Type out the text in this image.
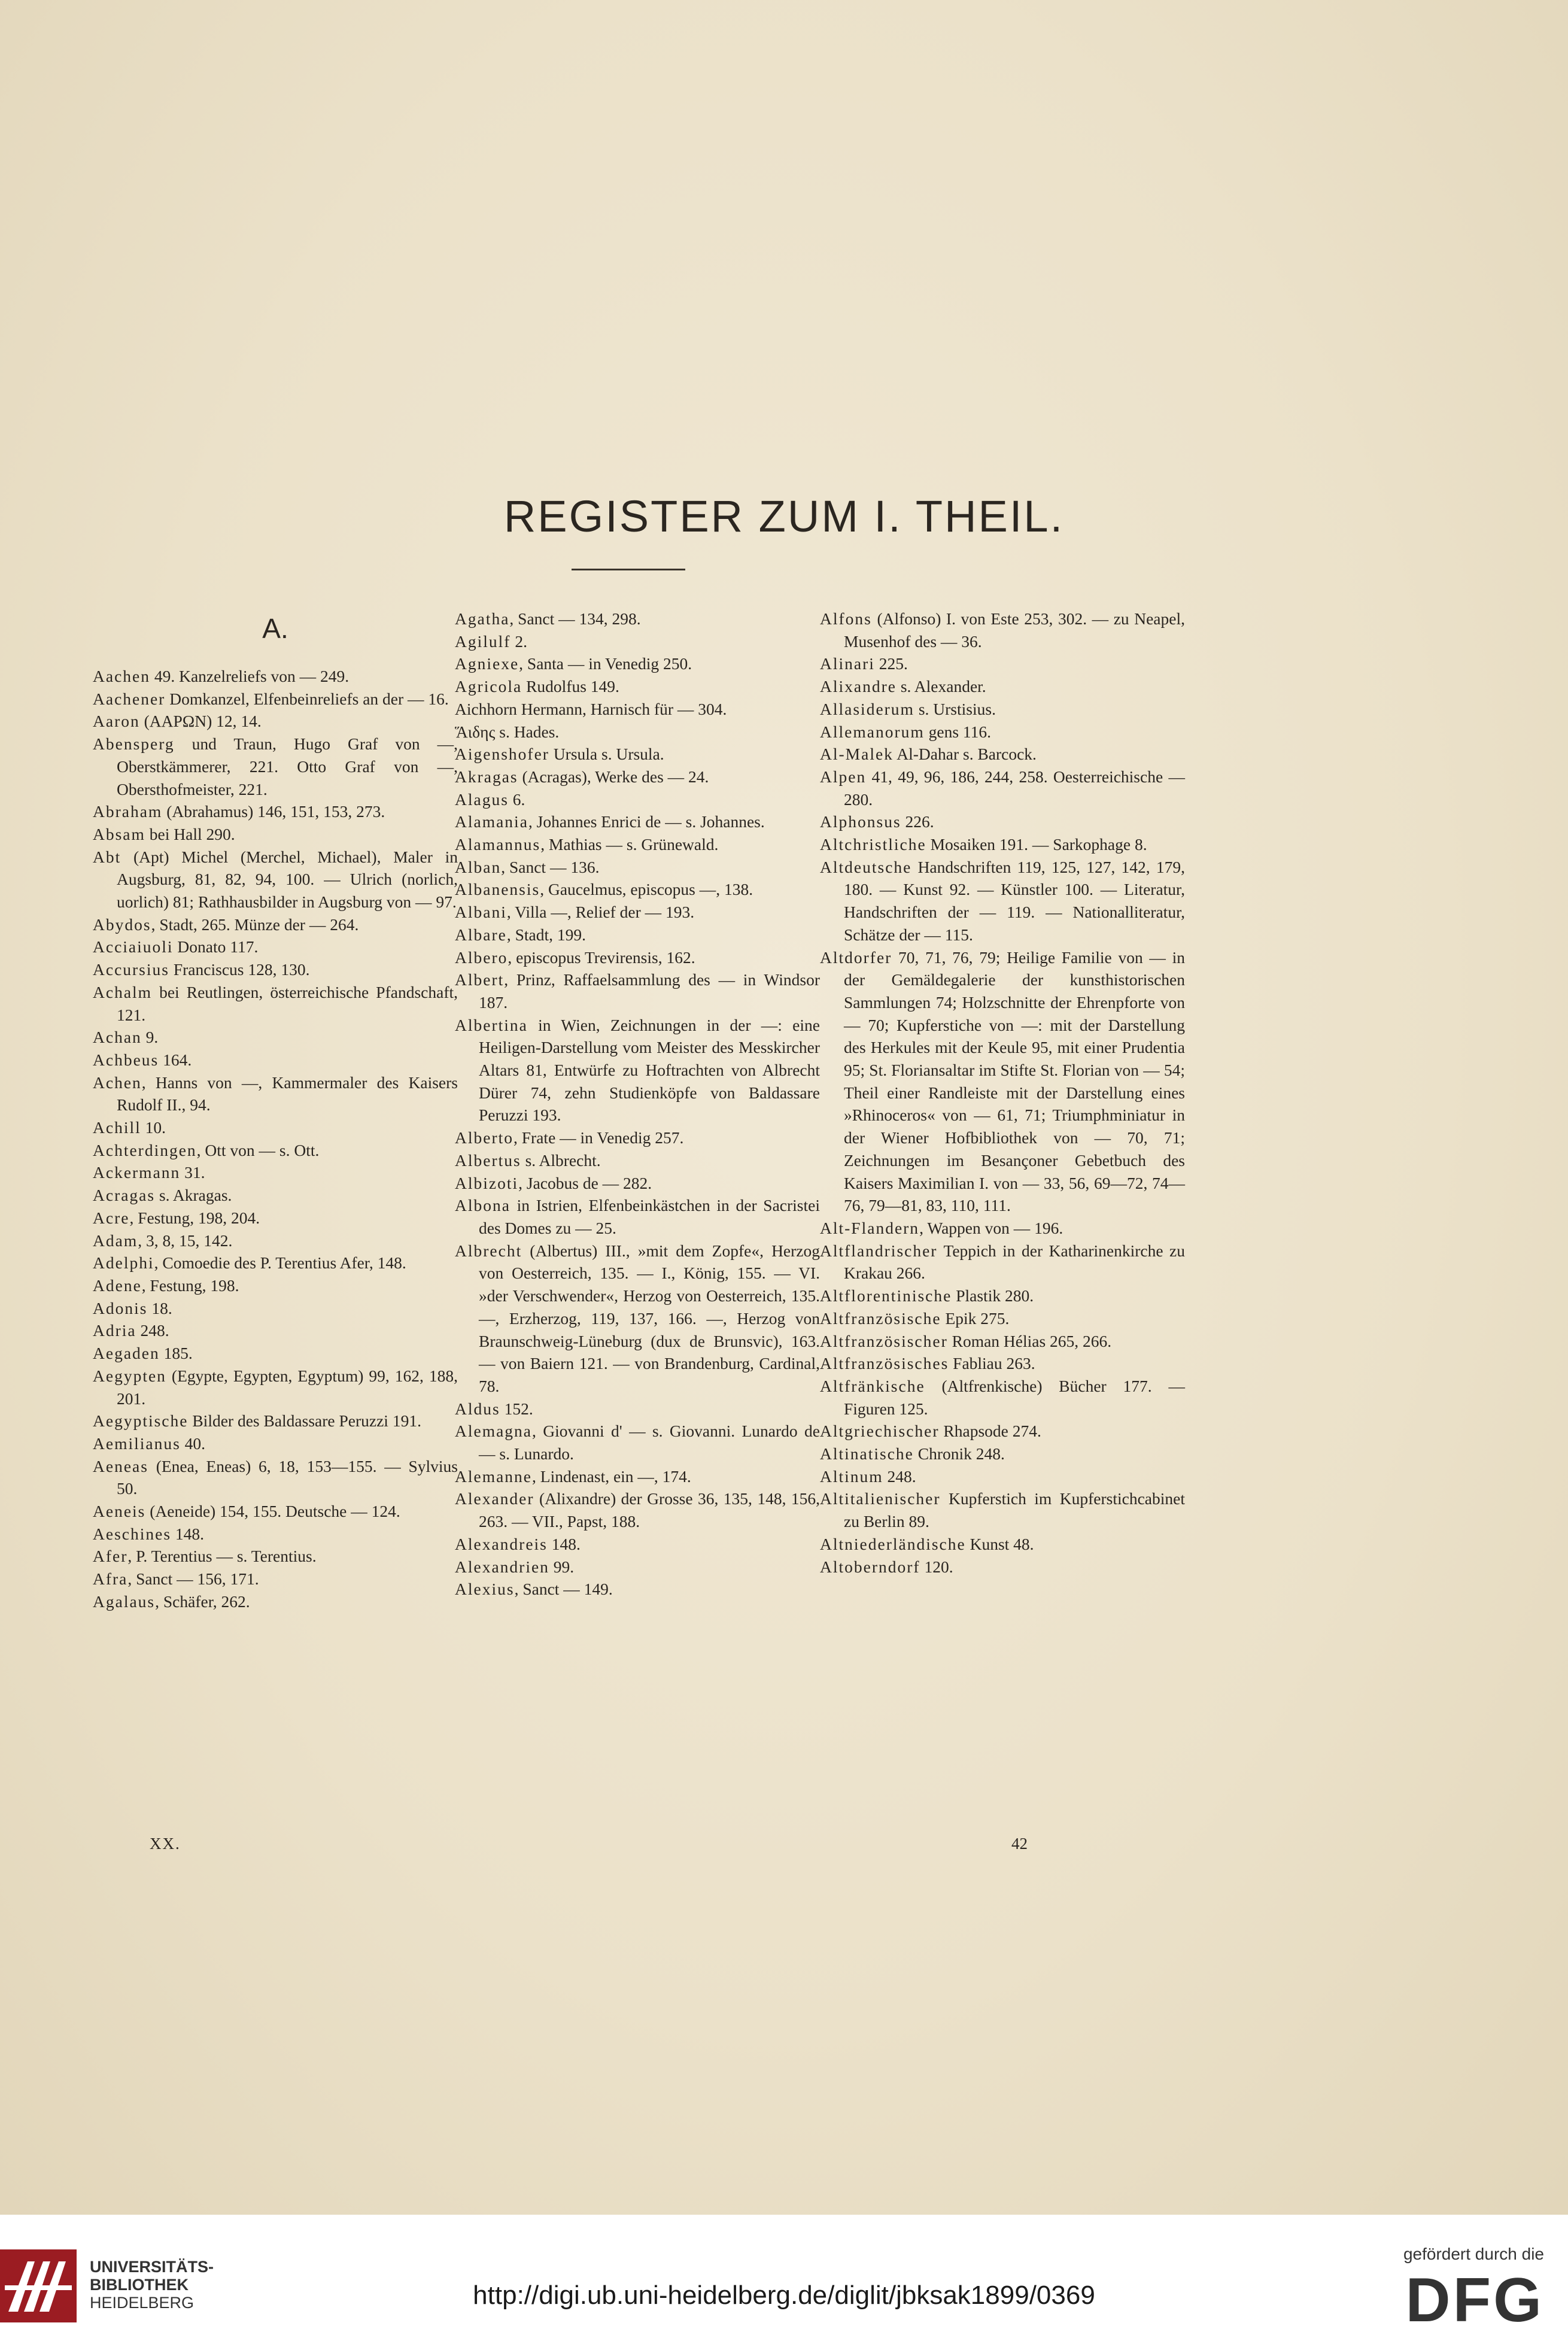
REGISTER ZUM I. THEIL.
A.
Aachen 49. Kanzelreliefs von — 249.
Aachener Domkanzel, Elfenbeinreliefs an der — 16.
Aaron (ΑΑΡΩΝ) 12, 14.
Abensperg und Traun, Hugo Graf von —, Oberstkämmerer, 221. Otto Graf von —, Obersthofmeister, 221.
Abraham (Abrahamus) 146, 151, 153, 273.
Absam bei Hall 290.
Abt (Apt) Michel (Merchel, Michael), Maler in Augsburg, 81, 82, 94, 100. — Ulrich (norlich, uorlich) 81; Rathhausbilder in Augsburg von — 97.
Abydos, Stadt, 265. Münze der — 264.
Acciaiuoli Donato 117.
Accursius Franciscus 128, 130.
Achalm bei Reutlingen, österreichische Pfandschaft, 121.
Achan 9.
Achbeus 164.
Achen, Hanns von —, Kammermaler des Kaisers Rudolf II., 94.
Achill 10.
Achterdingen, Ott von — s. Ott.
Ackermann 31.
Acragas s. Akragas.
Acre, Festung, 198, 204.
Adam, 3, 8, 15, 142.
Adelphi, Comoedie des P. Terentius Afer, 148.
Adene, Festung, 198.
Adonis 18.
Adria 248.
Aegaden 185.
Aegypten (Egypte, Egypten, Egyptum) 99, 162, 188, 201.
Aegyptische Bilder des Baldassare Peruzzi 191.
Aemilianus 40.
Aeneas (Enea, Eneas) 6, 18, 153—155. — Sylvius 50.
Aeneis (Aeneide) 154, 155. Deutsche — 124.
Aeschines 148.
Afer, P. Terentius — s. Terentius.
Afra, Sanct — 156, 171.
Agalaus, Schäfer, 262.
Agatha, Sanct — 134, 298.
Agilulf 2.
Agniexe, Santa — in Venedig 250.
Agricola Rudolfus 149.
Aichhorn Hermann, Harnisch für — 304.
Ἅιδης s. Hades.
Aigenshofer Ursula s. Ursula.
Akragas (Acragas), Werke des — 24.
Alagus 6.
Alamania, Johannes Enrici de — s. Johannes.
Alamannus, Mathias — s. Grünewald.
Alban, Sanct — 136.
Albanensis, Gaucelmus, episcopus —, 138.
Albani, Villa —, Relief der — 193.
Albare, Stadt, 199.
Albero, episcopus Trevirensis, 162.
Albert, Prinz, Raffaelsammlung des — in Windsor 187.
Albertina in Wien, Zeichnungen in der —: eine Heiligen-Darstellung vom Meister des Messkircher Altars 81, Entwürfe zu Hoftrachten von Albrecht Dürer 74, zehn Studienköpfe von Baldassare Peruzzi 193.
Alberto, Frate — in Venedig 257.
Albertus s. Albrecht.
Albizoti, Jacobus de — 282.
Albona in Istrien, Elfenbeinkästchen in der Sacristei des Domes zu — 25.
Albrecht (Albertus) III., »mit dem Zopfe«, Herzog von Oesterreich, 135. — I., König, 155. — VI. »der Verschwender«, Herzog von Oesterreich, 135. —, Erzherzog, 119, 137, 166. —, Herzog von Braunschweig-Lüneburg (dux de Brunsvic), 163. — von Baiern 121. — von Brandenburg, Cardinal, 78.
Aldus 152.
Alemagna, Giovanni d' — s. Giovanni. Lunardo de — s. Lunardo.
Alemanne, Lindenast, ein —, 174.
Alexander (Alixandre) der Grosse 36, 135, 148, 156, 263. — VII., Papst, 188.
Alexandreis 148.
Alexandrien 99.
Alexius, Sanct — 149.
Alfons (Alfonso) I. von Este 253, 302. — zu Neapel, Musenhof des — 36.
Alinari 225.
Alixandre s. Alexander.
Allasiderum s. Urstisius.
Allemanorum gens 116.
Al-Malek Al-Dahar s. Barcock.
Alpen 41, 49, 96, 186, 244, 258. Oesterreichische — 280.
Alphonsus 226.
Altchristliche Mosaiken 191. — Sarkophage 8.
Altdeutsche Handschriften 119, 125, 127, 142, 179, 180. — Kunst 92. — Künstler 100. — Literatur, Handschriften der — 119. — Nationalliteratur, Schätze der — 115.
Altdorfer 70, 71, 76, 79; Heilige Familie von — in der Gemäldegalerie der kunsthistorischen Sammlungen 74; Holzschnitte der Ehrenpforte von — 70; Kupferstiche von —: mit der Darstellung des Herkules mit der Keule 95, mit einer Prudentia 95; St. Floriansaltar im Stifte St. Florian von — 54; Theil einer Randleiste mit der Darstellung eines »Rhinoceros« von — 61, 71; Triumphminiatur in der Wiener Hofbibliothek von — 70, 71; Zeichnungen im Besançoner Gebetbuch des Kaisers Maximilian I. von — 33, 56, 69—72, 74—76, 79—81, 83, 110, 111.
Alt-Flandern, Wappen von — 196.
Altflandrischer Teppich in der Katharinenkirche zu Krakau 266.
Altflorentinische Plastik 280.
Altfranzösische Epik 275.
Altfranzösischer Roman Hélias 265, 266.
Altfranzösisches Fabliau 263.
Altfränkische (Altfrenkische) Bücher 177. — Figuren 125.
Altgriechischer Rhapsode 274.
Altinatische Chronik 248.
Altinum 248.
Altitalienischer Kupferstich im Kupferstichcabinet zu Berlin 89.
Altniederländische Kunst 48.
Altoberndorf 120.
XX.	42
UNIVERSITÄTS-
BIBLIOTHEK
HEIDELBERG	http://digi.ub.uni-heidelberg.de/diglit/jbksak1899/0369
gefördert durch die
DFG
